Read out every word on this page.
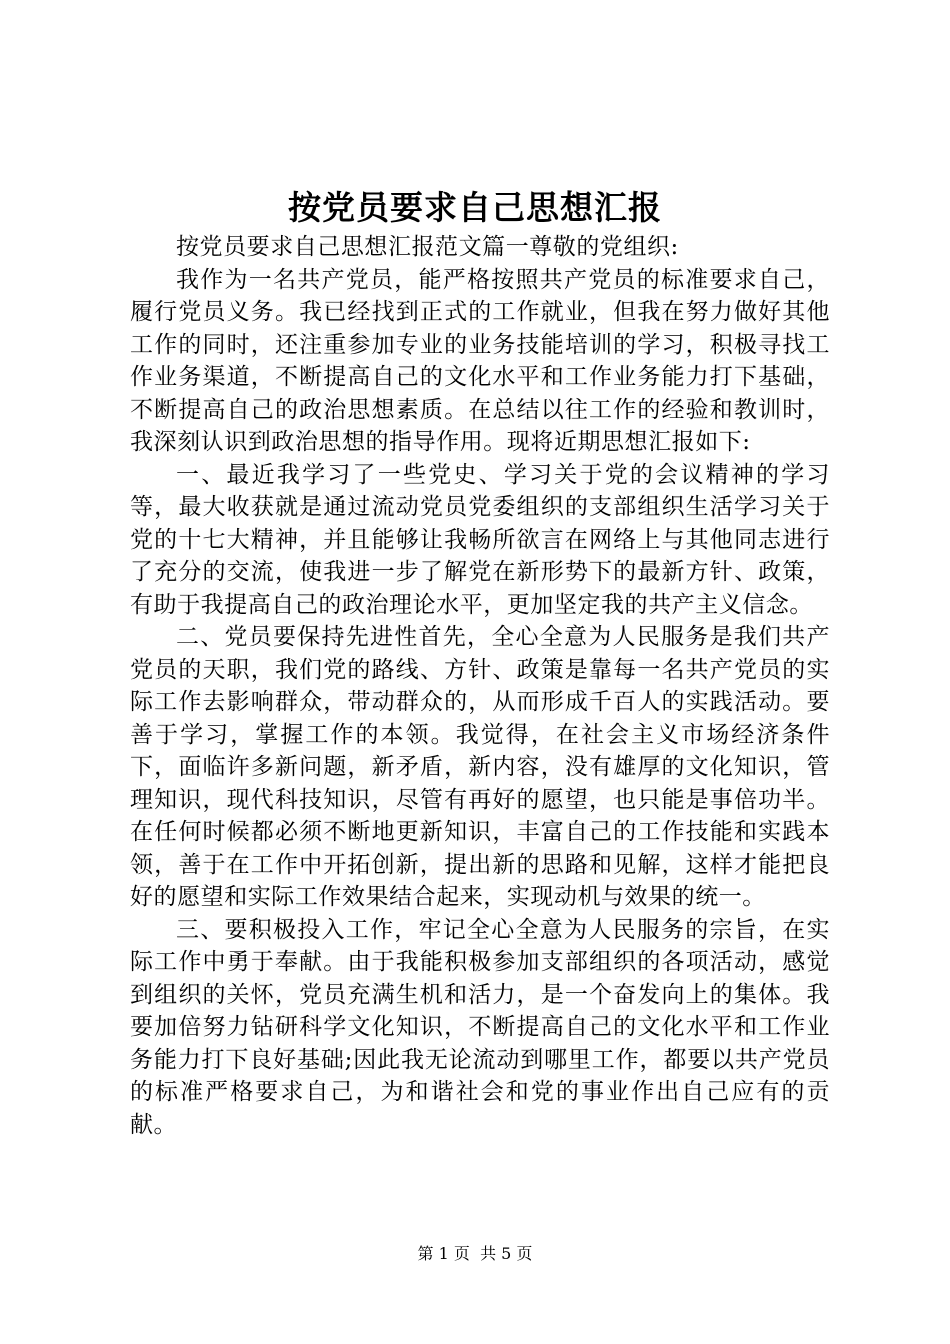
按党员要求自己思想汇报

按党员要求自己思想汇报范文篇一尊敬的党组织:

我作为一名共产党员，能严格按照共产党员的标准要求自己，履行党员义务。我已经找到正式的工作就业，但我在努力做好其他工作的同时，还注重参加专业的业务技能培训的学习，积极寻找工作业务渠道，不断提高自己的文化水平和工作业务能力打下基础，不断提高自己的政治思想素质。在总结以往工作的经验和教训时，我深刻认识到政治思想的指导作用。现将近期思想汇报如下:

一、最近我学习了一些党史、学习关于党的会议精神的学习等，最大收获就是通过流动党员党委组织的支部组织生活学习关于党的十七大精神，并且能够让我畅所欲言在网络上与其他同志进行了充分的交流，使我进一步了解党在新形势下的最新方针、政策，有助于我提高自己的政治理论水平，更加坚定我的共产主义信念。

二、党员要保持先进性首先，全心全意为人民服务是我们共产党员的天职，我们党的路线、方针、政策是靠每一名共产党员的实际工作去影响群众，带动群众的，从而形成千百人的实践活动。要善于学习，掌握工作的本领。我觉得，在社会主义市场经济条件下，面临许多新问题，新矛盾，新内容，没有雄厚的文化知识，管理知识，现代科技知识，尽管有再好的愿望，也只能是事倍功半。在任何时候都必须不断地更新知识，丰富自己的工作技能和实践本领，善于在工作中开拓创新，提出新的思路和见解，这样才能把良好的愿望和实际工作效果结合起来，实现动机与效果的统一。

三、要积极投入工作，牢记全心全意为人民服务的宗旨，在实际工作中勇于奉献。由于我能积极参加支部组织的各项活动，感觉到组织的关怀，党员充满生机和活力，是一个奋发向上的集体。我要加倍努力钻研科学文化知识，不断提高自己的文化水平和工作业务能力打下良好基础;因此我无论流动到哪里工作，都要以共产党员的标准严格要求自己，为和谐社会和党的事业作出自己应有的贡献。

第 1 页  共 5 页
